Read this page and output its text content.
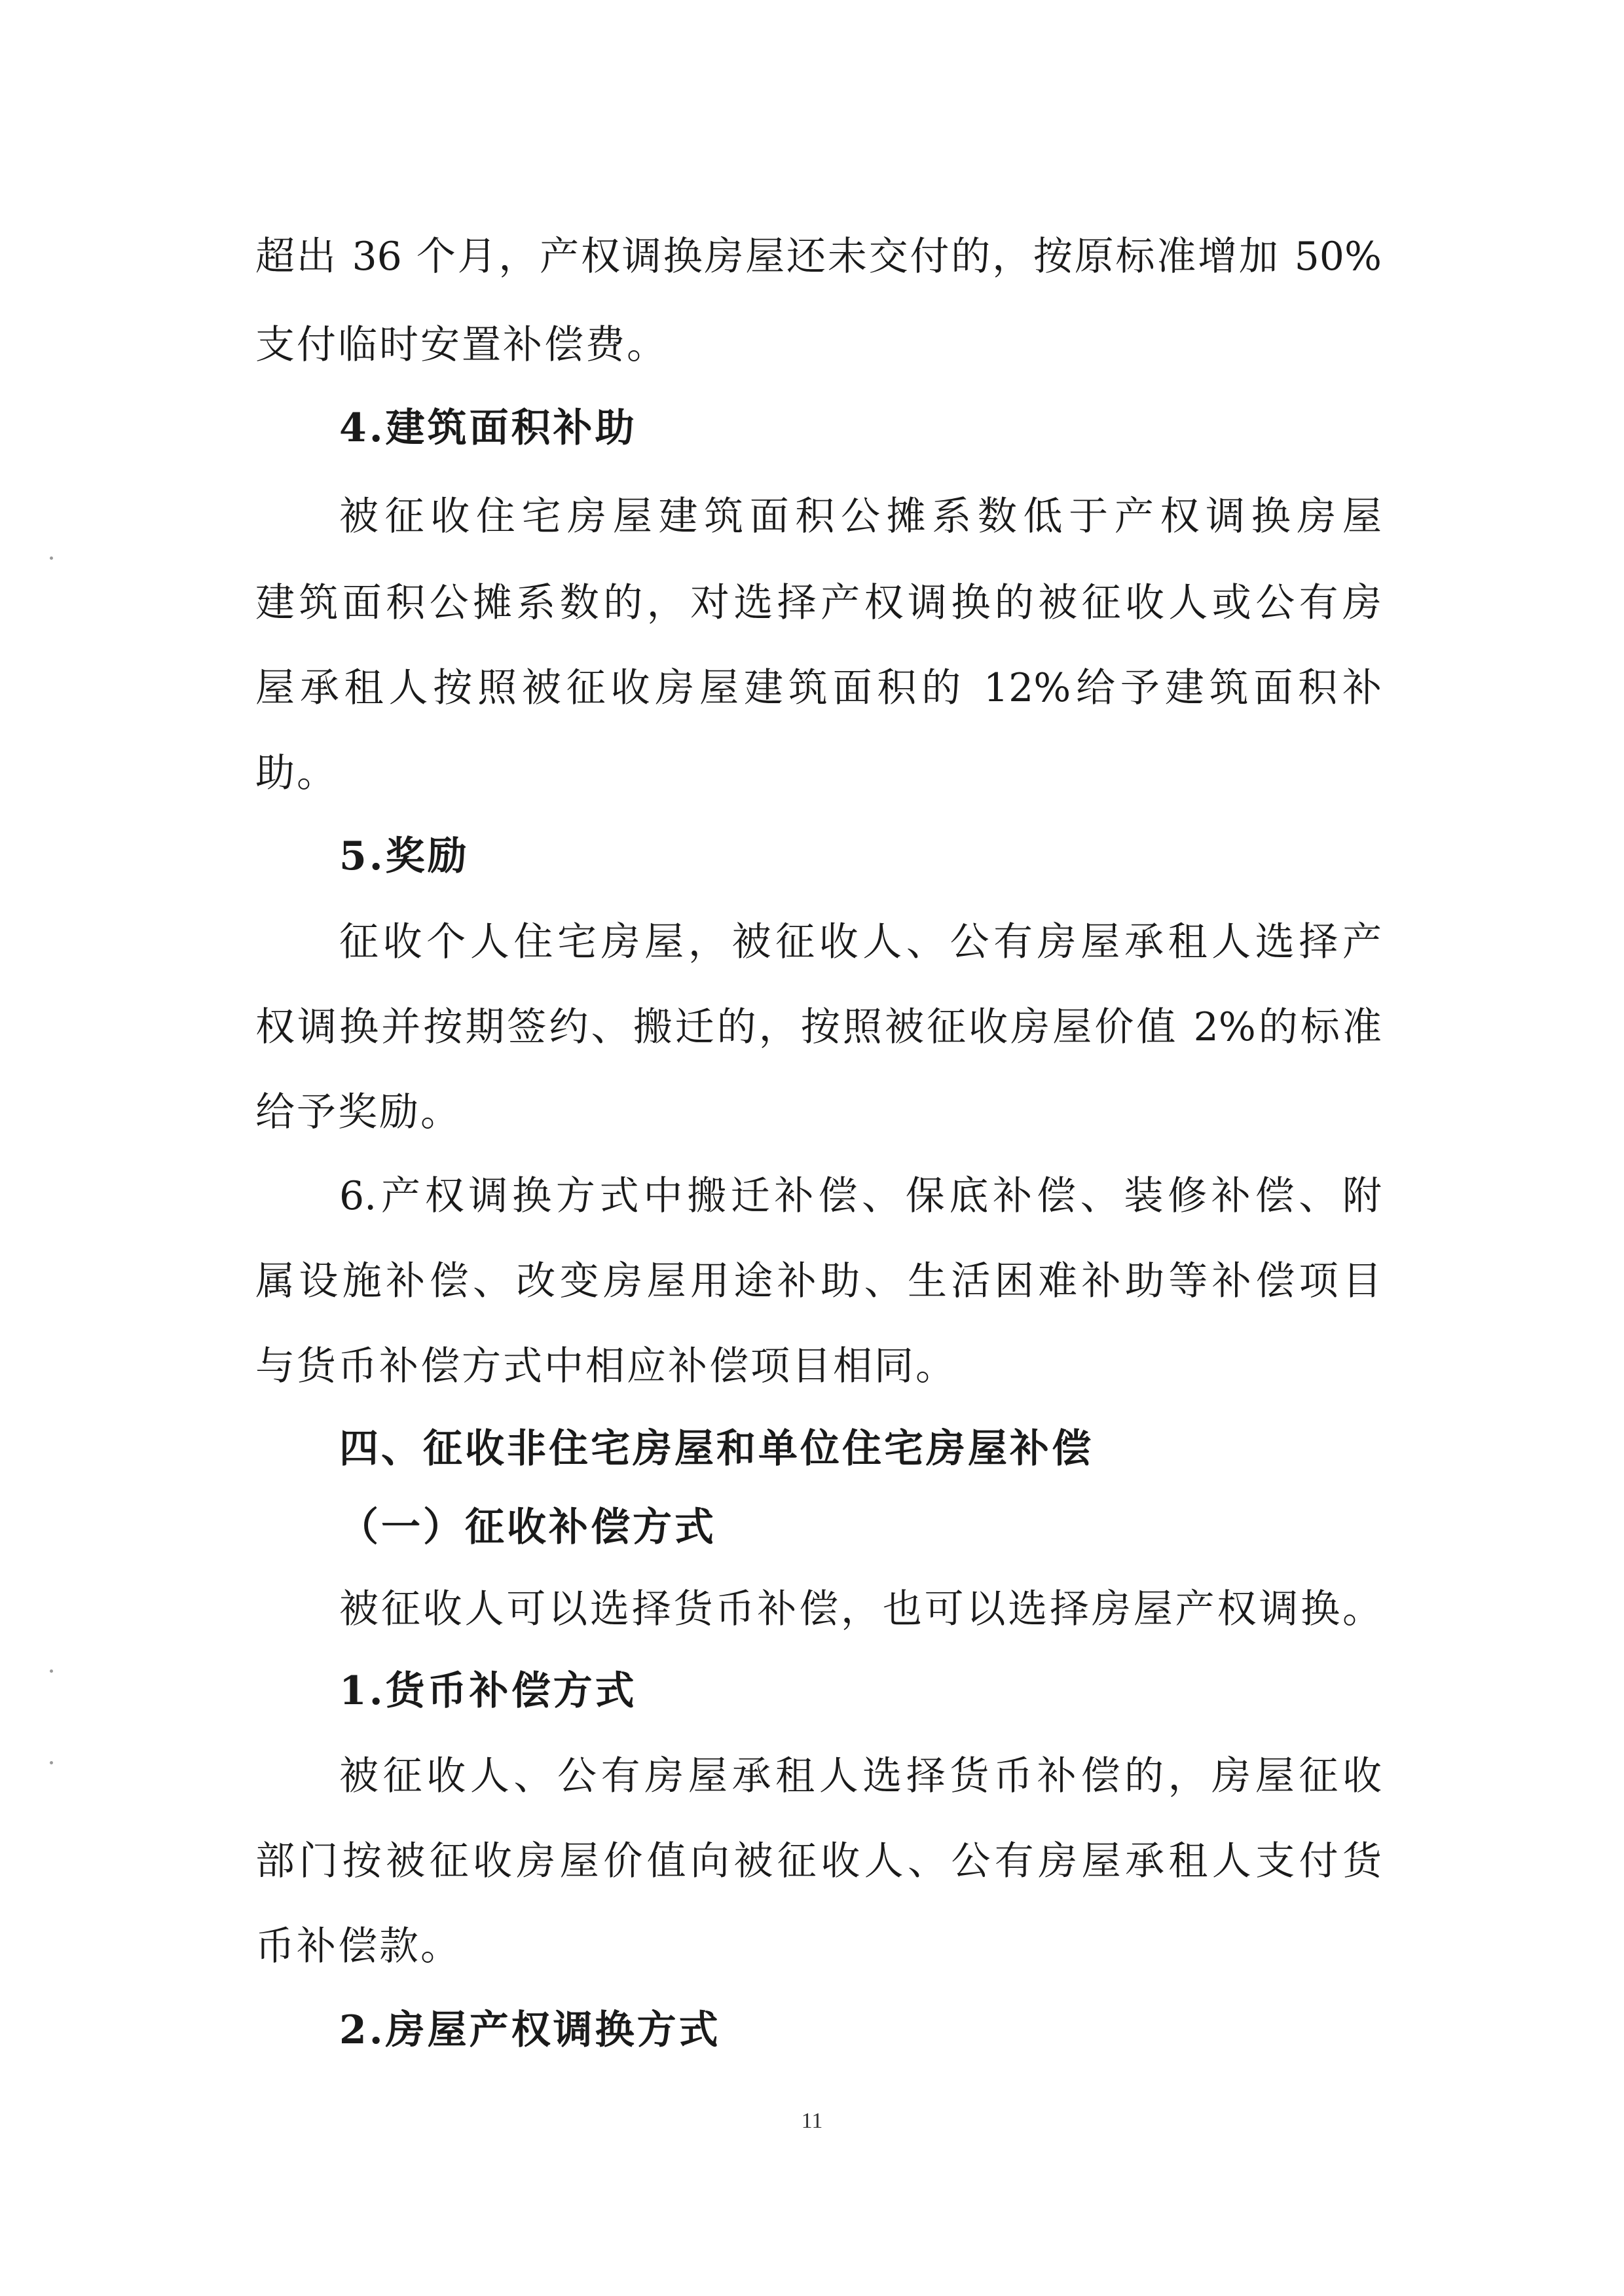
超出 36 个月，产权调换房屋还未交付的，按原标准增加 50%
支付临时安置补偿费。
4.建筑面积补助
被征收住宅房屋建筑面积公摊系数低于产权调换房屋
建筑面积公摊系数的，对选择产权调换的被征收人或公有房
屋承租人按照被征收房屋建筑面积的 12%给予建筑面积补
助。
5.奖励
征收个人住宅房屋，被征收人、公有房屋承租人选择产
权调换并按期签约、搬迁的，按照被征收房屋价值 2%的标准
给予奖励。
6.产权调换方式中搬迁补偿、保底补偿、装修补偿、附
属设施补偿、改变房屋用途补助、生活困难补助等补偿项目
与货币补偿方式中相应补偿项目相同。
四、征收非住宅房屋和单位住宅房屋补偿
（一）征收补偿方式
被征收人可以选择货币补偿，也可以选择房屋产权调换。
1.货币补偿方式
被征收人、公有房屋承租人选择货币补偿的，房屋征收
部门按被征收房屋价值向被征收人、公有房屋承租人支付货
币补偿款。
2.房屋产权调换方式
11
